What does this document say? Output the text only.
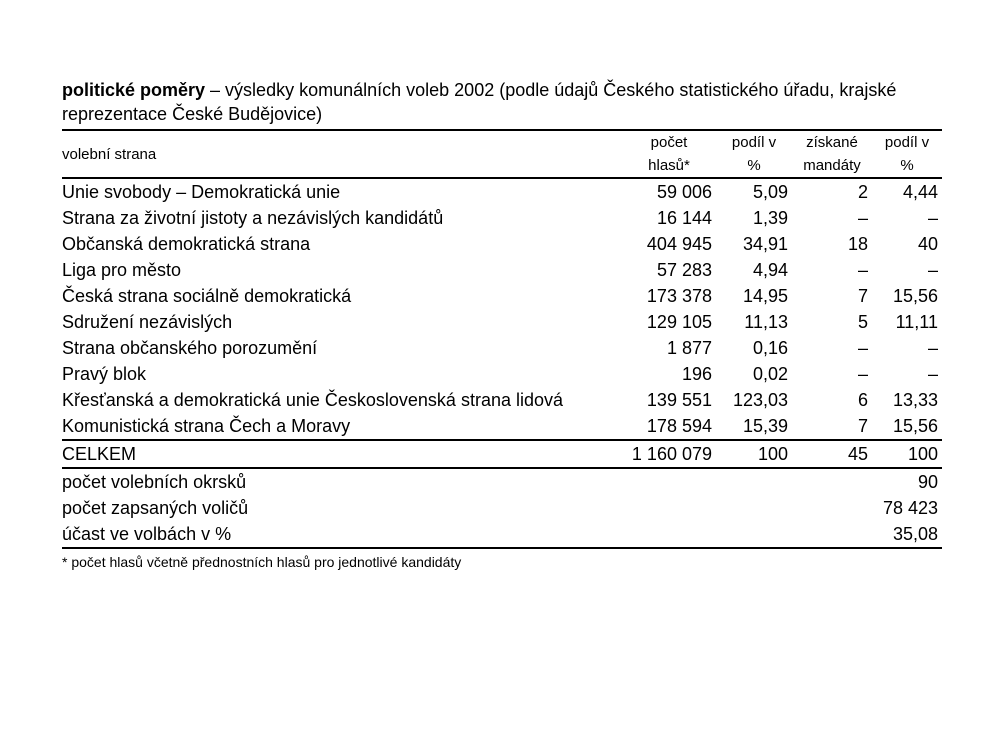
politické poměry – výsledky komunálních voleb 2002 (podle údajů Českého statistického úřadu, krajské reprezentace České Budějovice)

volební strana	počet	podíl v	získané	podíl v
	hlasů*	%	mandáty	%
Unie svobody – Demokratická unie	59 006	5,09	2	4,44
Strana za životní jistoty a nezávislých kandidátů	16 144	1,39	–	–
Občanská demokratická strana	404 945	34,91	18	40
Liga pro město	57 283	4,94	–	–
Česká strana sociálně demokratická	173 378	14,95	7	15,56
Sdružení nezávislých	129 105	11,13	5	11,11
Strana občanského porozumění	1 877	0,16	–	–
Pravý blok	196	0,02	–	–
Křesťanská a demokratická unie Československá strana lidová	139 551	123,03	6	13,33
Komunistická strana Čech a Moravy	178 594	15,39	7	15,56
CELKEM	1 160 079	100	45	100
počet volebních okrsků				90
počet zapsaných voličů				78 423
účast ve volbách v %				35,08
* počet hlasů včetně přednostních hlasů pro jednotlivé kandidáty
